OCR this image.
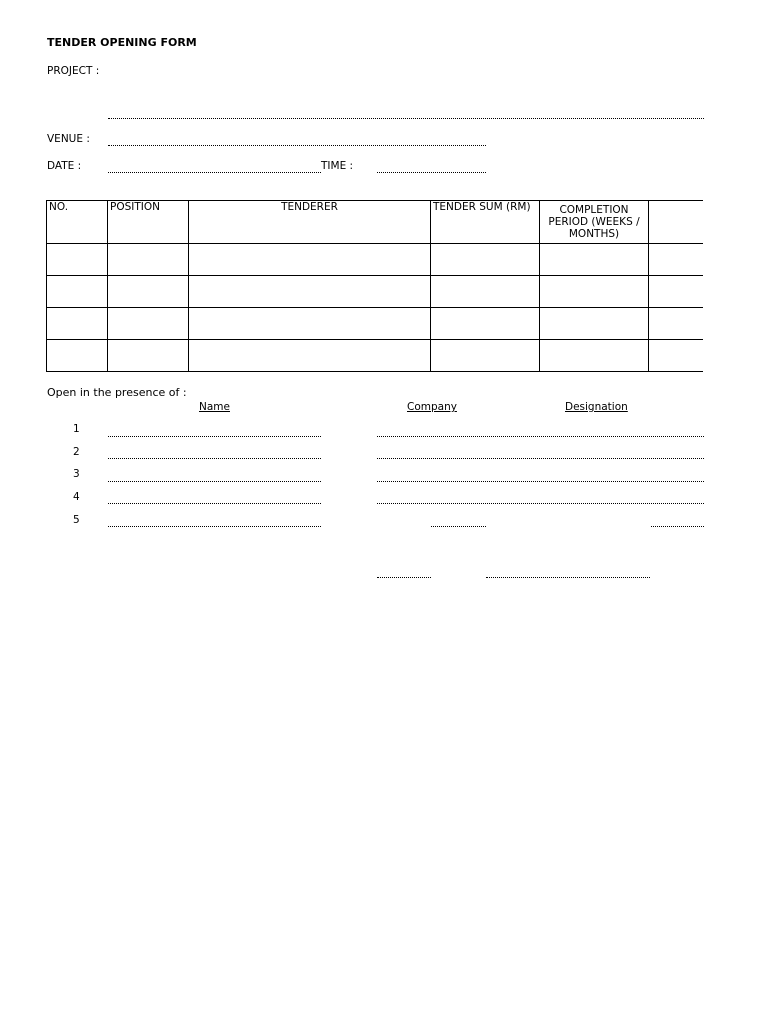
TENDER OPENING FORM
PROJECT :
VENUE :
DATE :	TIME :
NO.	POSITION	TENDERER	TENDER SUM (RM)	COMPLETION PERIOD (WEEKS / MONTHS)	

Open in the presence of :
Name	Company	Designation
1
2
3
4
5
